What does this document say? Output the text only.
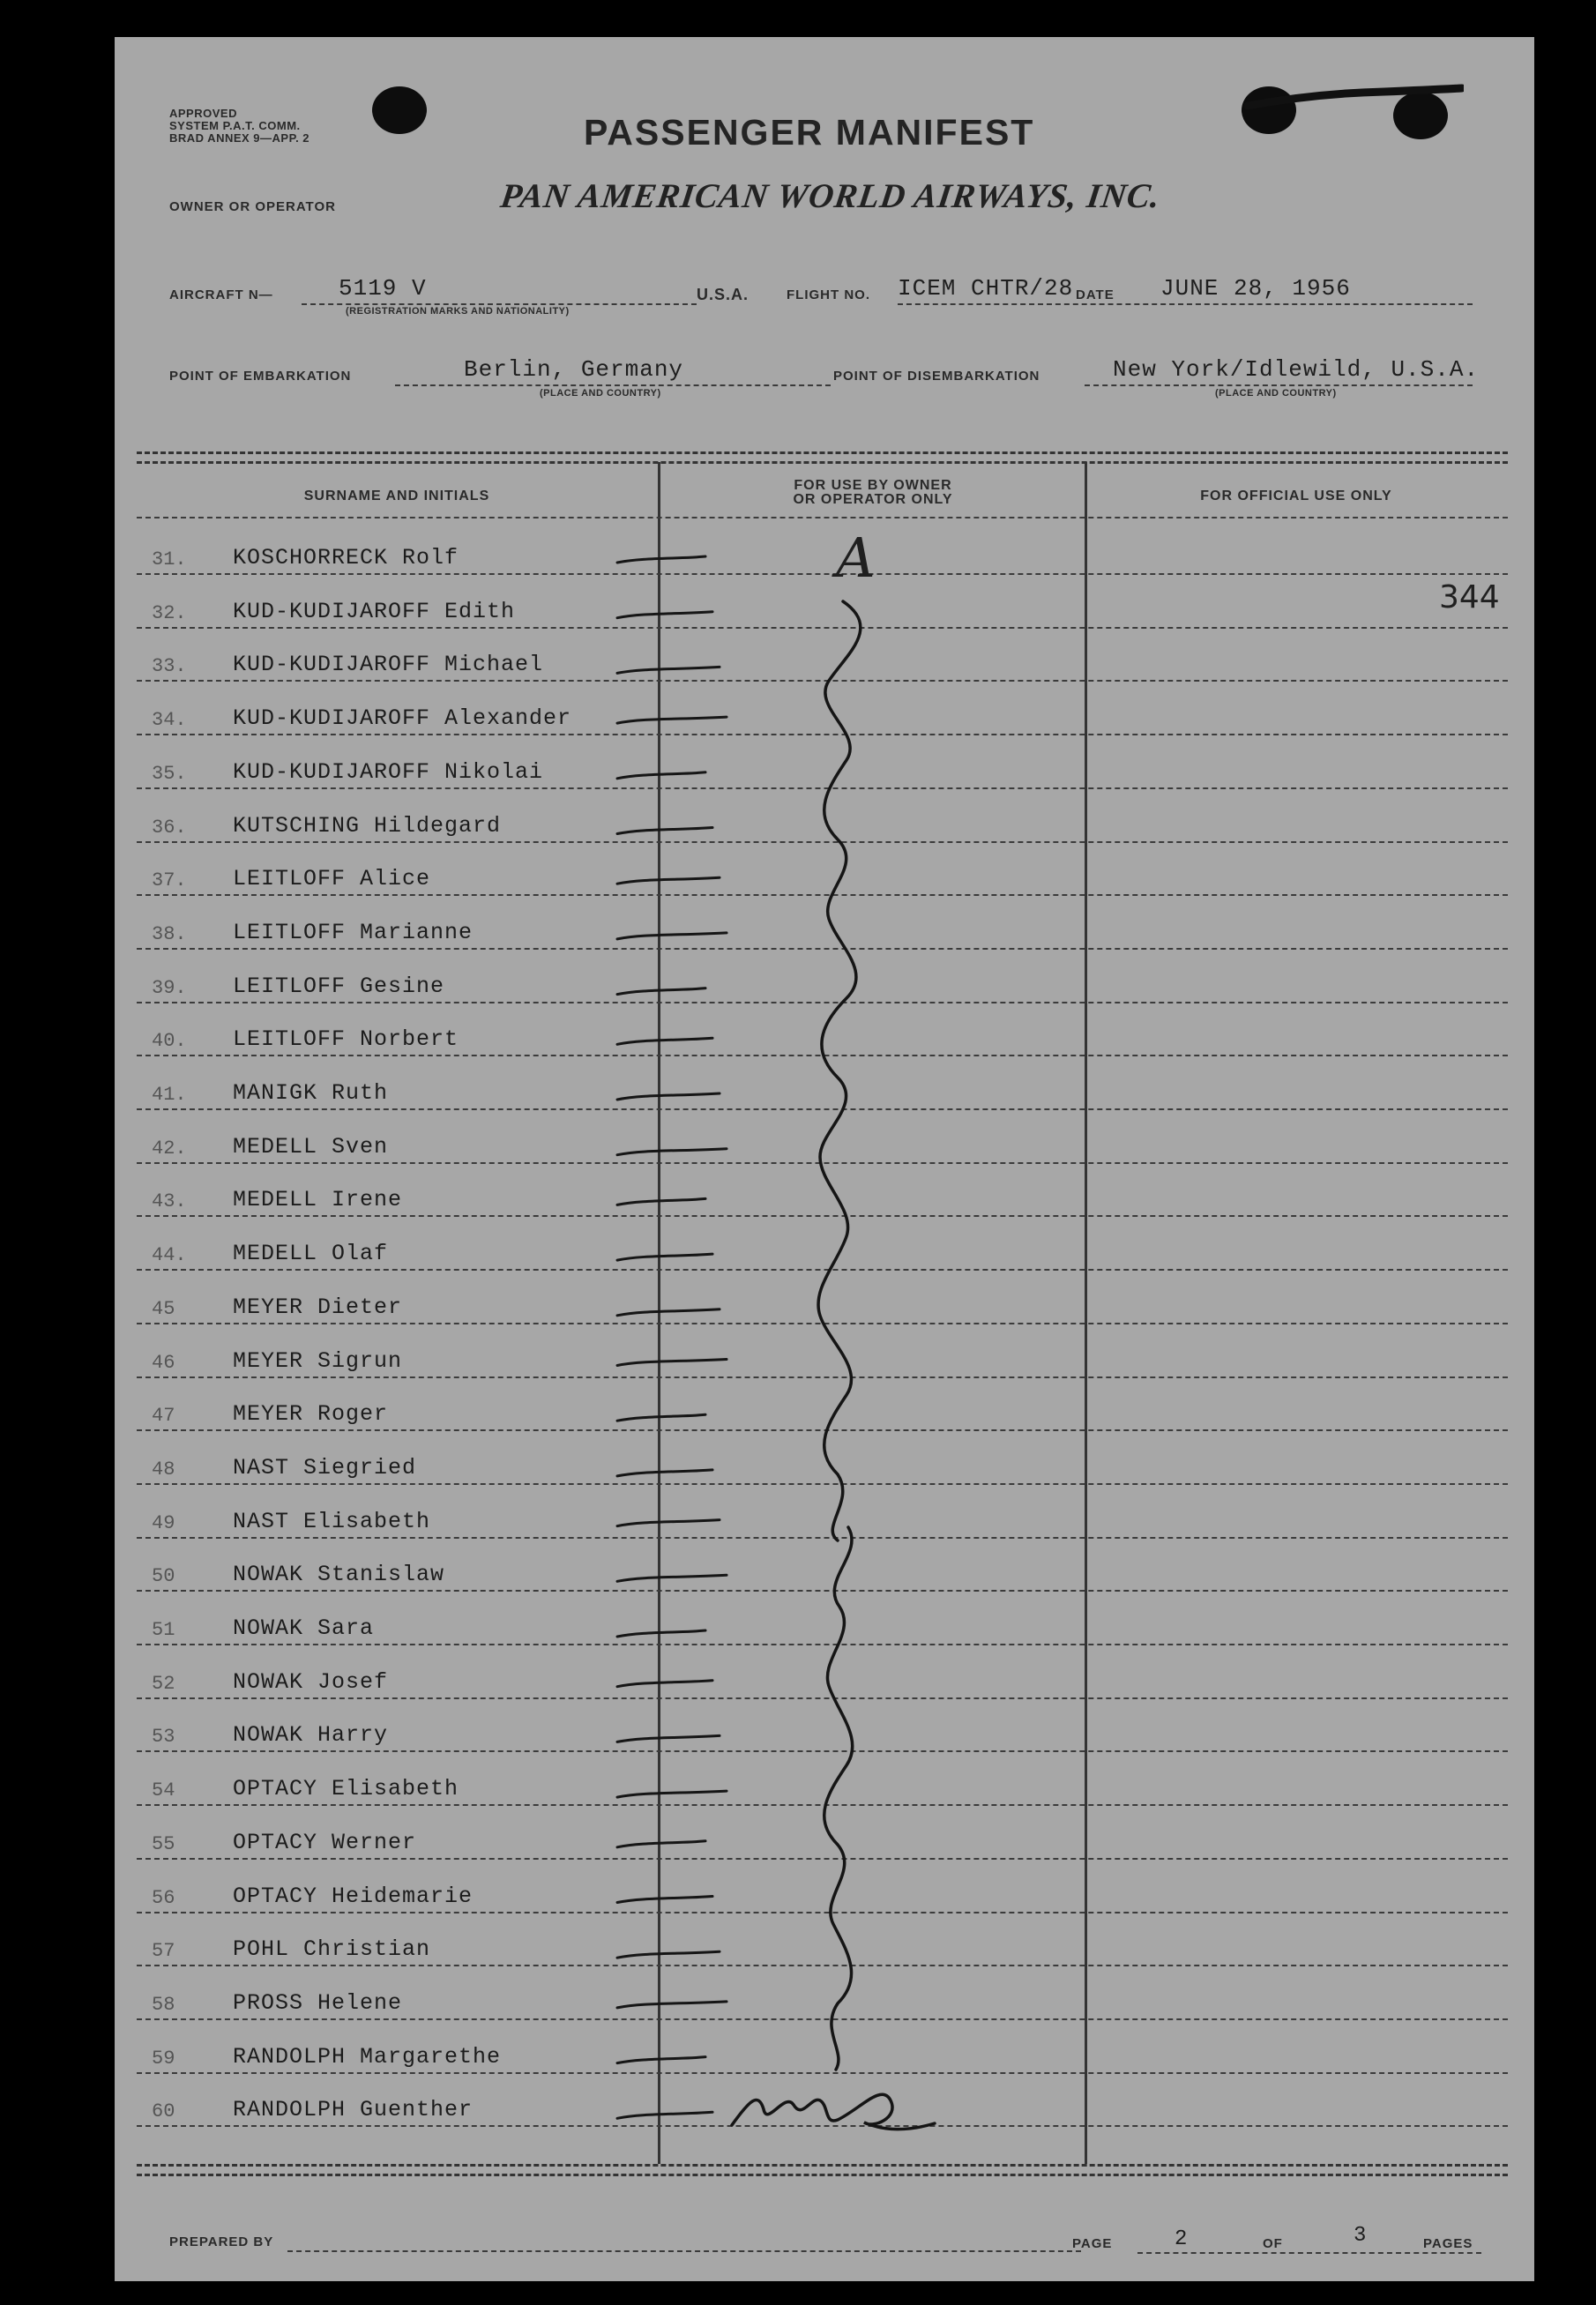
APPROVED
SYSTEM P.A.T. COMM.
BRAD ANNEX 9—APP. 2	PASSENGER MANIFEST
OWNER OR OPERATOR	PAN AMERICAN WORLD AIRWAYS, INC.
AIRCRAFT N—	5119 V
(REGISTRATION MARKS AND NATIONALITY)
U.S.A.	FLIGHT NO. ICEM CHTR/28 DATE JUNE 28, 1956
POINT OF EMBARKATION	Berlin, Germany
(PLACE AND COUNTRY)
POINT OF DISEMBARKATION	New York/Idlewild, U.S.A.
(PLACE AND COUNTRY)
SURNAME AND INITIALS
FOR USE BY OWNER
OR OPERATOR ONLY	FOR OFFICIAL USE ONLY
31. KOSCHORRECK Rolf
32. KUD-KUDIJAROFF Edith
33. KUD-KUDIJAROFF Michael
34. KUD-KUDIJAROFF Alexander
35. KUD-KUDIJAROFF Nikolai
36. KUTSCHING Hildegard
37. LEITLOFF Alice
38. LEITLOFF Marianne
39. LEITLOFF Gesine
40. LEITLOFF Norbert
41. MANIGK Ruth
42. MEDELL Sven
43. MEDELL Irene
44. MEDELL Olaf
45	MEYER Dieter
46	MEYER Sigrun
47	MEYER Roger
48	NAST Siegried
49	NAST Elisabeth
50	NOWAK Stanislaw
51	NOWAK Sara
52	NOWAK Josef
53	NOWAK Harry
54	OPTACY Elisabeth
55	OPTACY Werner
56	OPTACY Heidemarie
57	POHL Christian
58	PROSS Helene
59	RANDOLPH Margarethe
60	RANDOLPH Guenther
A
344
PREPARED BY	PAGE	2	OF	3	PAGES
